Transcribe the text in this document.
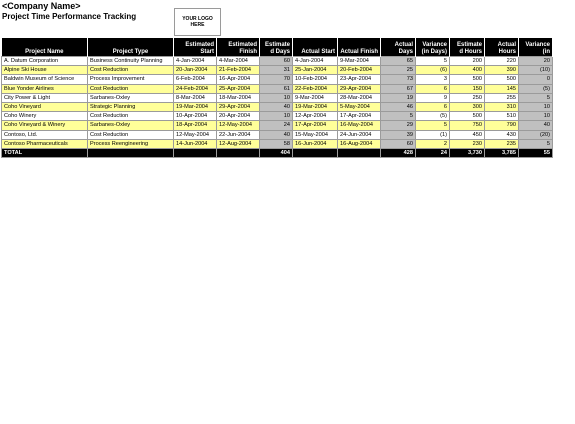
<Company Name>
Project Time Performance Tracking	YOUR LOGO
HERE
Project Name	Project Type	Estimated Start	Estimated Finish	Estimate d Days	Actual Start	Actual Finish	Actual Days	Variance (in Days)	Estimate d Hours	Actual Hours	Variance (in
A. Datum Corporation	Business Continuity Planning	4-Jan-2004	4-Mar-2004	60	4-Jan-2004	9-Mar-2004	65	5	200	220	20
Alpine Ski House	Cost Reduction	20-Jan-2004	21-Feb-2004	31	25-Jan-2004	20-Feb-2004	25	(6)	400	390	(10)
Baldwin Museum of Science	Process Improvement	6-Feb-2004	16-Apr-2004	70	10-Feb-2004	23-Apr-2004	73	3	500	500	0
Blue Yonder Airlines	Cost Reduction	24-Feb-2004	25-Apr-2004	61	22-Feb-2004	29-Apr-2004	67	6	150	145	(5)
City Power & Light	Sarbanes-Oxley	8-Mar-2004	18-Mar-2004	10	9-Mar-2004	28-Mar-2004	19	9	250	255	5
Coho Vineyard	Strategic Planning	19-Mar-2004	29-Apr-2004	40	19-Mar-2004	5-May-2004	46	6	300	310	10
Coho Winery	Cost Reduction	10-Apr-2004	20-Apr-2004	10	12-Apr-2004	17-Apr-2004	5	(5)	500	510	10
Coho Vineyard & Winery	Sarbanes-Oxley	18-Apr-2004	12-May-2004	24	17-Apr-2004	16-May-2004	29	5	750	790	40
Contoso, Ltd.	Cost Reduction	12-May-2004	22-Jun-2004	40	15-May-2004	24-Jun-2004	39	(1)	450	430	(20)
Contoso Pharmaceuticals	Process Reengineering	14-Jun-2004	12-Aug-2004	58	16-Jun-2004	16-Aug-2004	60	2	230	235	5
TOTAL				404			428	24	3,730	3,785	55
